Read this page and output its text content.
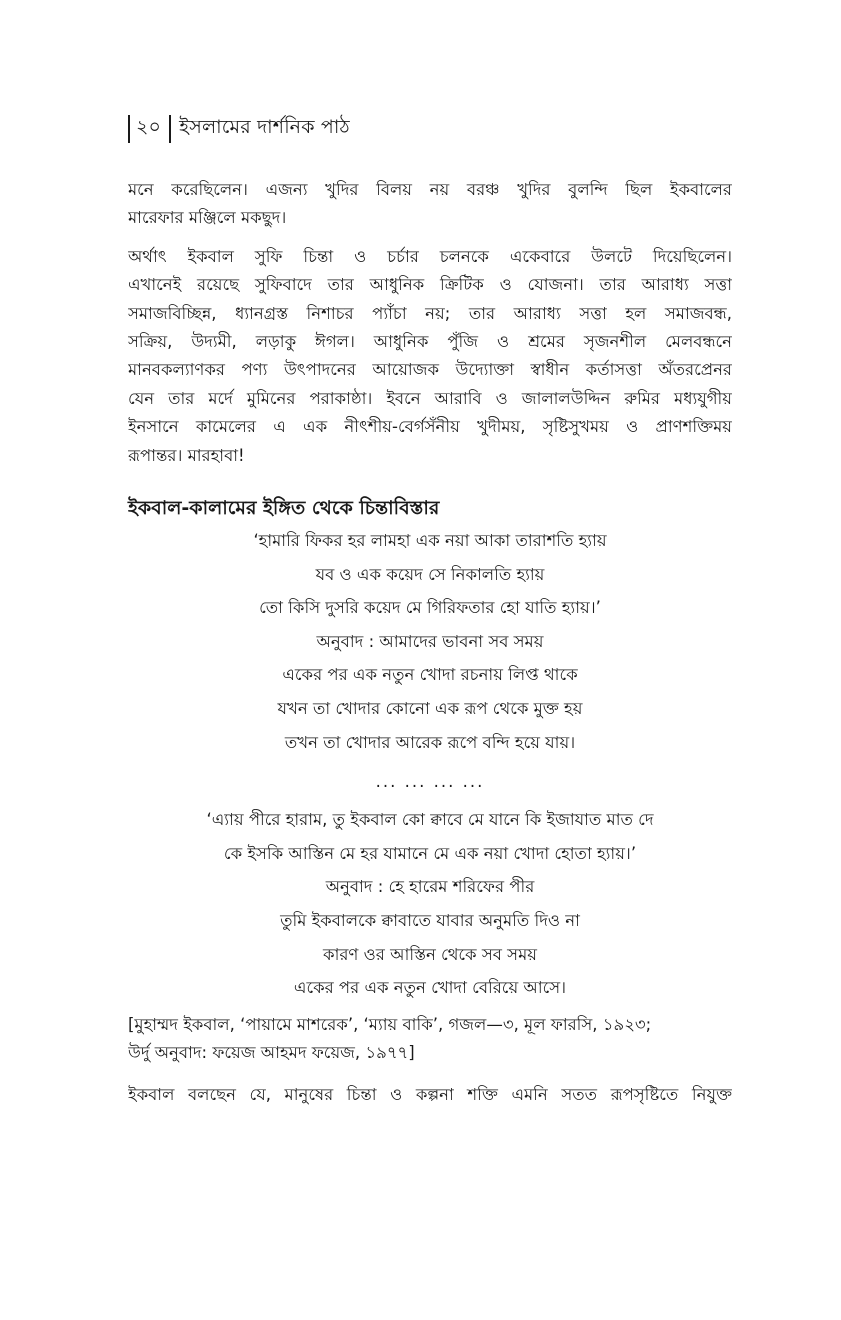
২০ ইসলামের দার্শনিক পাঠ
মনে করেছিলেন। এজন্য খুদির বিলয় নয় বরঞ্চ খুদির বুলন্দি ছিল ইকবালের
মারেফার মঞ্জিলে মকছুদ।
অর্থাৎ ইকবাল সুফি চিন্তা ও চর্চার চলনকে একেবারে উলটে দিয়েছিলেন।
এখানেই রয়েছে সুফিবাদে তার আধুনিক ক্রিটিক ও যোজনা। তার আরাধ্য সত্তা
সমাজবিচ্ছিন্ন, ধ্যানগ্রস্ত নিশাচর প্যাঁচা নয়; তার আরাধ্য সত্তা হল সমাজবন্ধ,
সক্রিয়, উদ্যমী, লড়াকু ঈগল। আধুনিক পুঁজি ও শ্রমের সৃজনশীল মেলবন্ধনে
মানবকল্যাণকর পণ্য উৎপাদনের আয়োজক উদ্যোক্তা স্বাধীন কর্তাসত্তা অঁতরপ্রেনর
যেন তার মর্দে মুমিনের পরাকাষ্ঠা। ইবনে আরাবি ও জালালউদ্দিন রুমির মধ্যযুগীয়
ইনসানে কামেলের এ এক নীৎশীয়-বের্গসঁনীয় খুদীময়, সৃষ্টিসুখময় ও প্রাণশক্তিময়
রূপান্তর। মারহাবা!
ইকবাল-কালামের ইঙ্গিত থেকে চিন্তাবিস্তার
‘হামারি ফিকর হর লামহা এক নয়া আকা তারাশতি হ্যায়
যব ও এক কয়েদ সে নিকালতি হ্যায়
তো কিসি দুসরি কয়েদ মে গিরিফতার হো যাতি হ্যায়।’
অনুবাদ : আমাদের ভাবনা সব সময়
একের পর এক নতুন খোদা রচনায় লিপ্ত থাকে
যখন তা খোদার কোনো এক রূপ থেকে মুক্ত হয়
তখন তা খোদার আরেক রূপে বন্দি হয়ে যায়।
... ... ... ...
‘এ্যায় পীরে হারাম, তু ইকবাল কো ক্বাবে মে যানে কি ইজাযাত মাত দে
কে ইসকি আস্তিন মে হর যামানে মে এক নয়া খোদা হোতা হ্যায়।’
অনুবাদ : হে হারেম শরিফের পীর
তুমি ইকবালকে ক্বাবাতে যাবার অনুমতি দিও না
কারণ ওর আস্তিন থেকে সব সময়
একের পর এক নতুন খোদা বেরিয়ে আসে।
[মুহাম্মদ ইকবাল, ‘পায়ামে মাশরেক’, ‘ম্যায় বাকি’, গজল—৩, মূল ফারসি, ১৯২৩;
উর্দু অনুবাদ: ফয়েজ আহমদ ফয়েজ, ১৯৭৭]
ইকবাল বলছেন যে, মানুষের চিন্তা ও কল্পনা শক্তি এমনি সতত রূপসৃষ্টিতে নিযুক্ত
